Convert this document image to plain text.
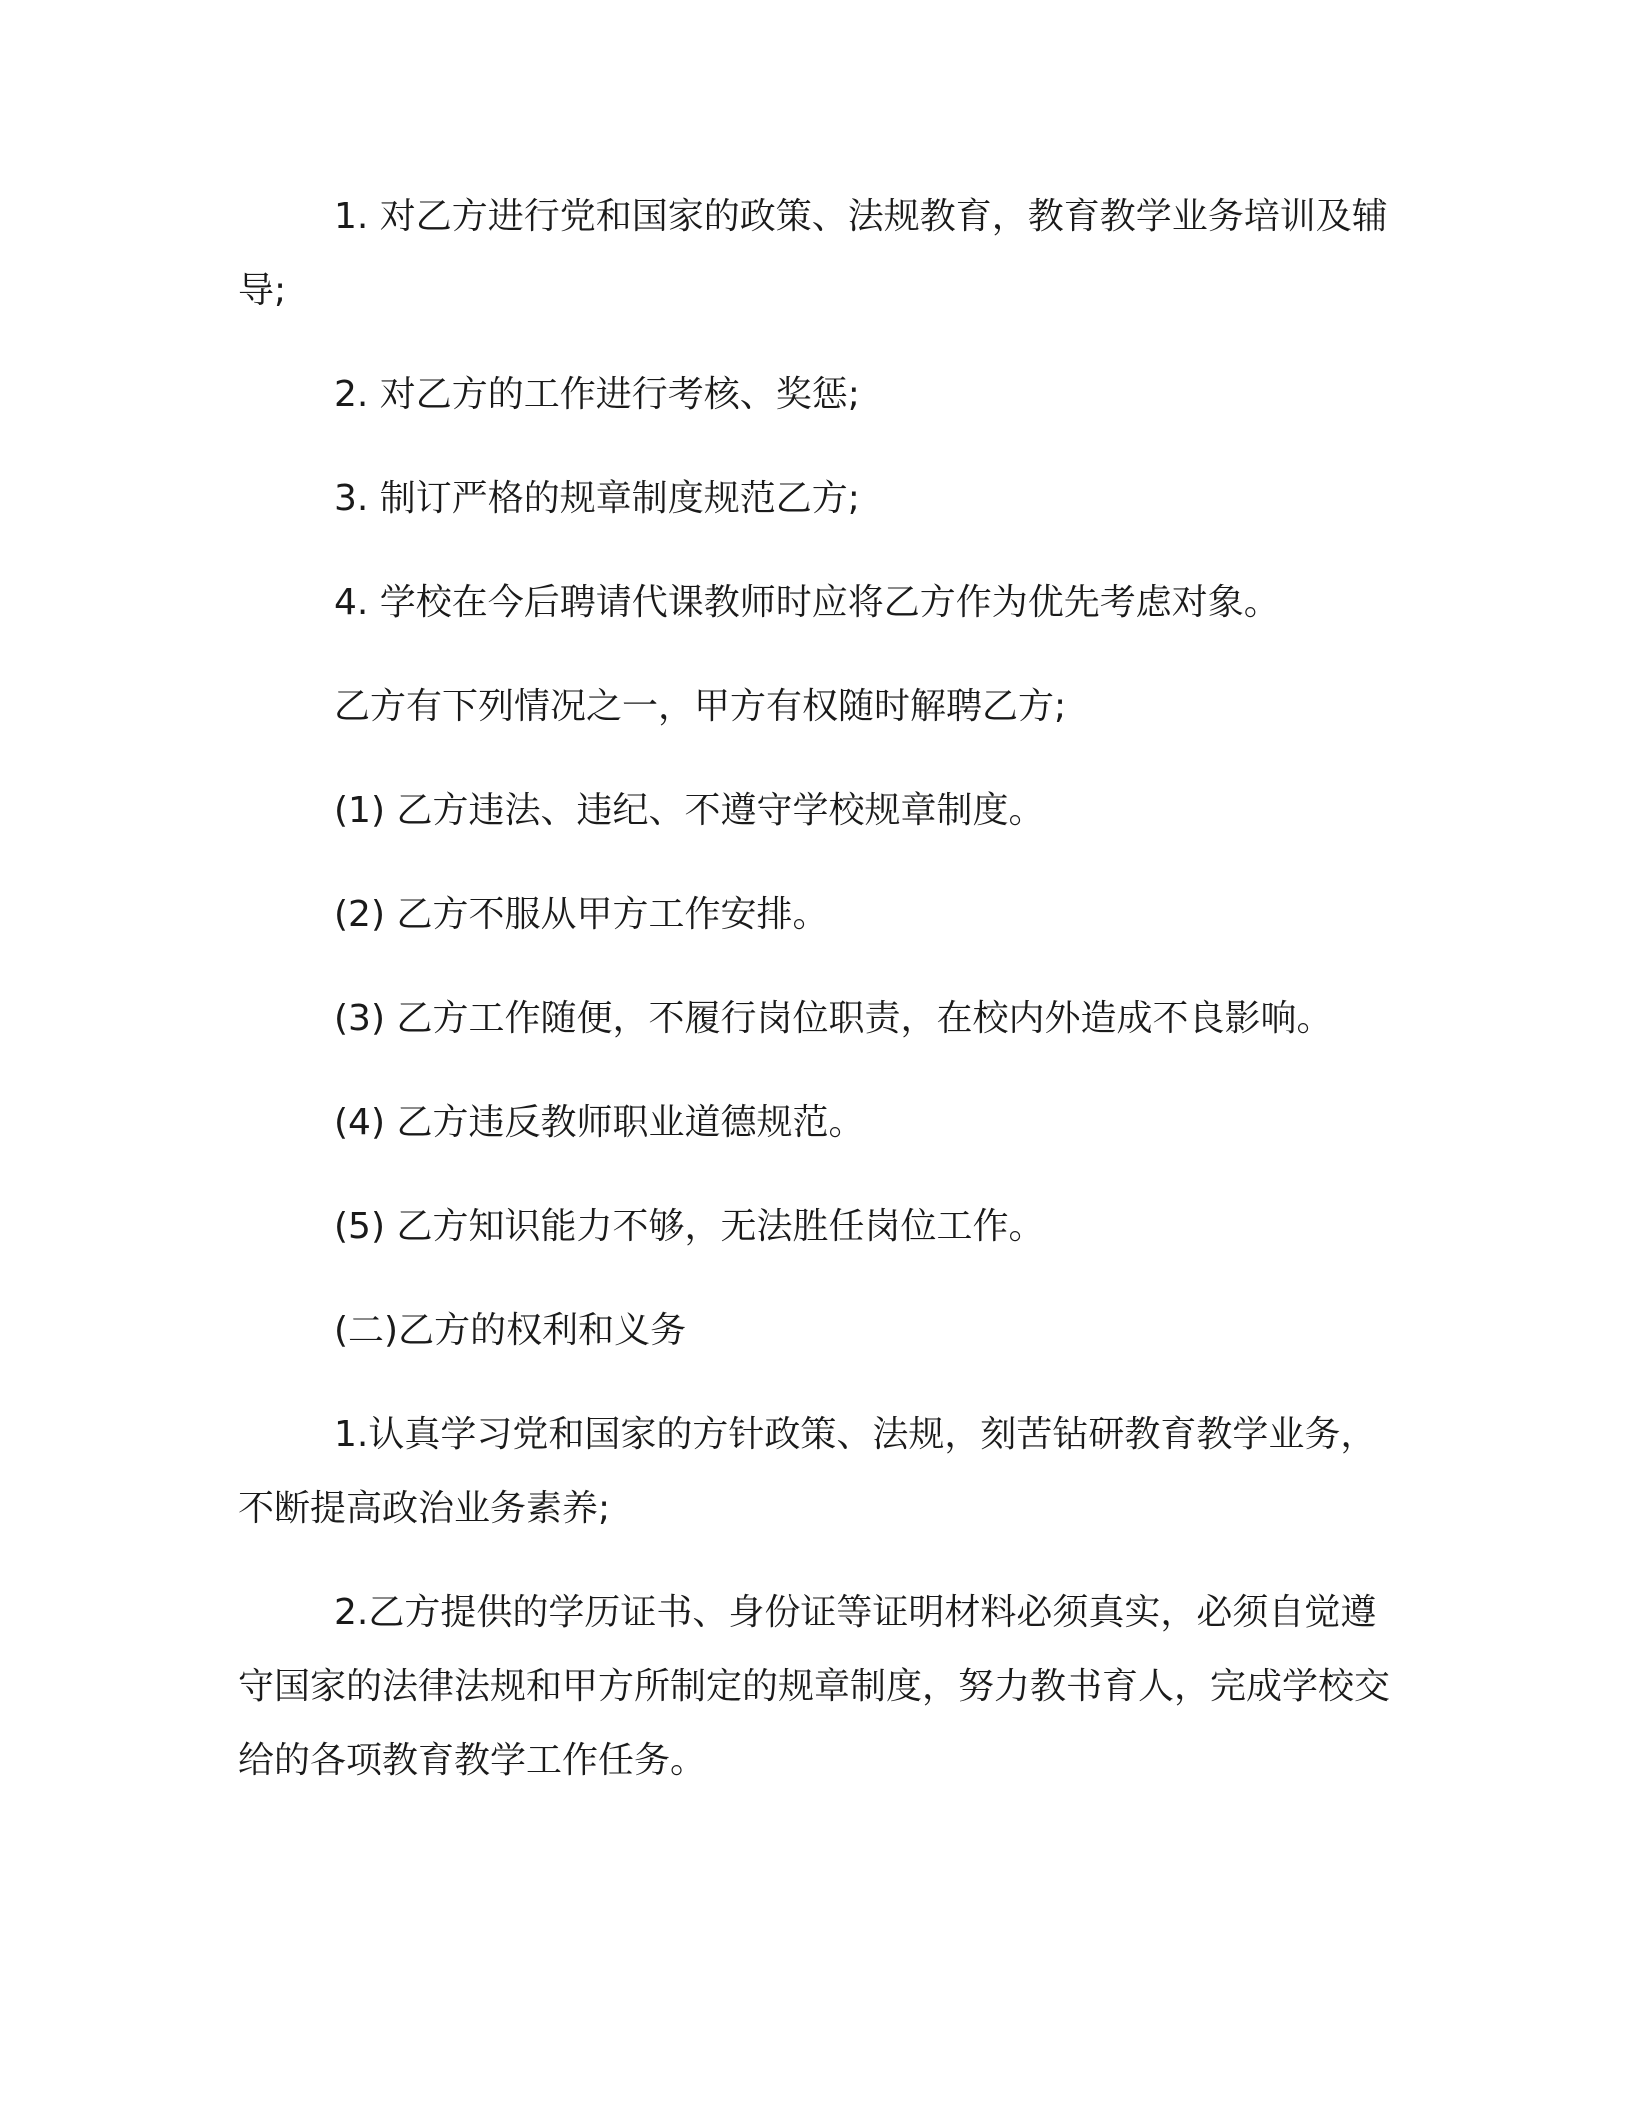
1. 对乙方进行党和国家的政策、法规教育，教育教学业务培训及辅导;

2. 对乙方的工作进行考核、奖惩;

3. 制订严格的规章制度规范乙方;

4. 学校在今后聘请代课教师时应将乙方作为优先考虑对象。

乙方有下列情况之一，甲方有权随时解聘乙方;

(1) 乙方违法、违纪、不遵守学校规章制度。

(2) 乙方不服从甲方工作安排。

(3) 乙方工作随便，不履行岗位职责，在校内外造成不良影响。

(4) 乙方违反教师职业道德规范。

(5) 乙方知识能力不够，无法胜任岗位工作。

(二)乙方的权利和义务

1.认真学习党和国家的方针政策、法规，刻苦钻研教育教学业务，不断提高政治业务素养;

2.乙方提供的学历证书、身份证等证明材料必须真实，必须自觉遵守国家的法律法规和甲方所制定的规章制度，努力教书育人，完成学校交给的各项教育教学工作任务。
